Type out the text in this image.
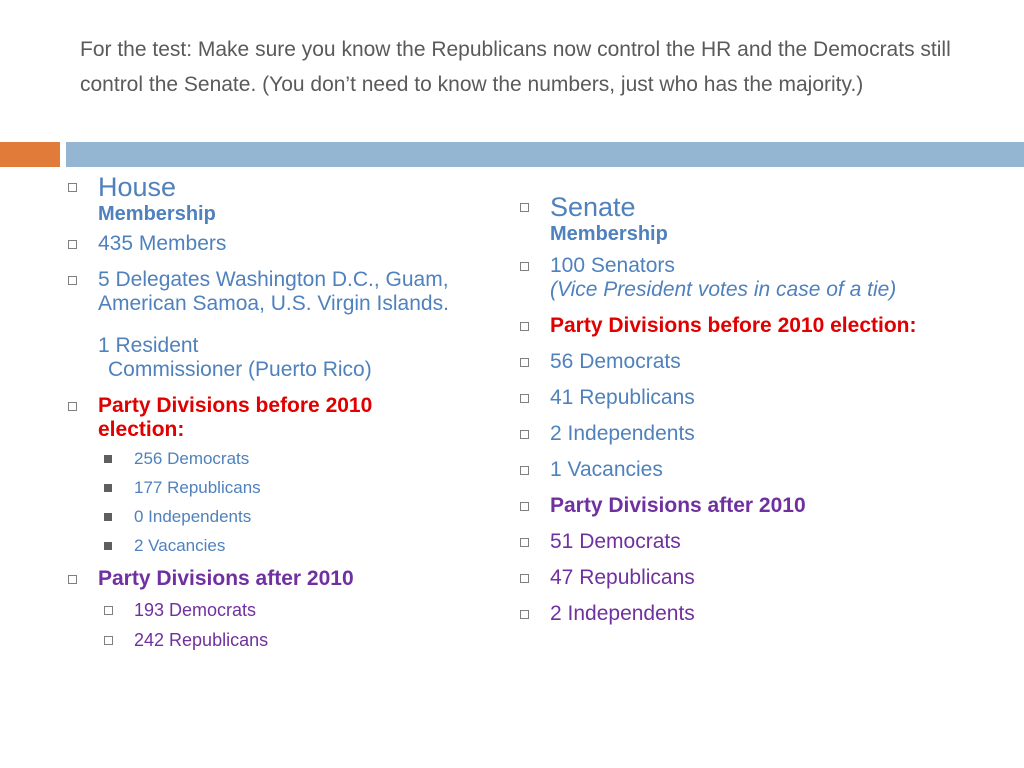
For the test: Make sure you know the Republicans now control the HR and the Democrats still control the Senate. (You don’t need to know the numbers, just who has the majority.)
House
Membership
435 Members
5 Delegates Washington D.C., Guam, American Samoa, U.S. Virgin Islands.
1 Resident
Commissioner (Puerto Rico)
Party Divisions before 2010 election:
256 Democrats
177 Republicans
0 Independents
2 Vacancies
Party Divisions after 2010
193 Democrats
242 Republicans
Senate
Membership
100 Senators
(Vice President votes in case of a tie)
Party Divisions before 2010 election:
56 Democrats
41 Republicans
2 Independents
1 Vacancies
Party Divisions after 2010
51 Democrats
47 Republicans
2 Independents
